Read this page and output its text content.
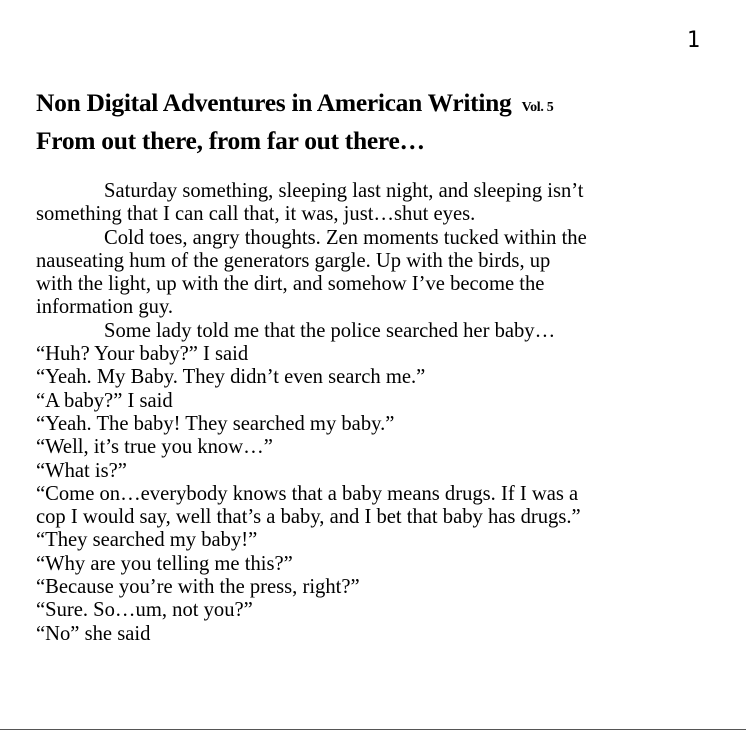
1
Non Digital Adventures in American Writing Vol. 5
From out there, from far out there…
Saturday something, sleeping last night, and sleeping isn’t
something that I can call that, it was, just…shut eyes.
Cold toes, angry thoughts. Zen moments tucked within the
nauseating hum of the generators gargle. Up with the birds, up
with the light, up with the dirt, and somehow I’ve become the
information guy.
Some lady told me that the police searched her baby…
“Huh? Your baby?” I said
“Yeah. My Baby. They didn’t even search me.”
“A baby?” I said
“Yeah. The baby! They searched my baby.”
“Well, it’s true you know…”
“What is?”
“Come on…everybody knows that a baby means drugs. If I was a
cop I would say, well that’s a baby, and I bet that baby has drugs.”
“They searched my baby!”
“Why are you telling me this?”
“Because you’re with the press, right?”
“Sure. So…um, not you?”
“No” she said
